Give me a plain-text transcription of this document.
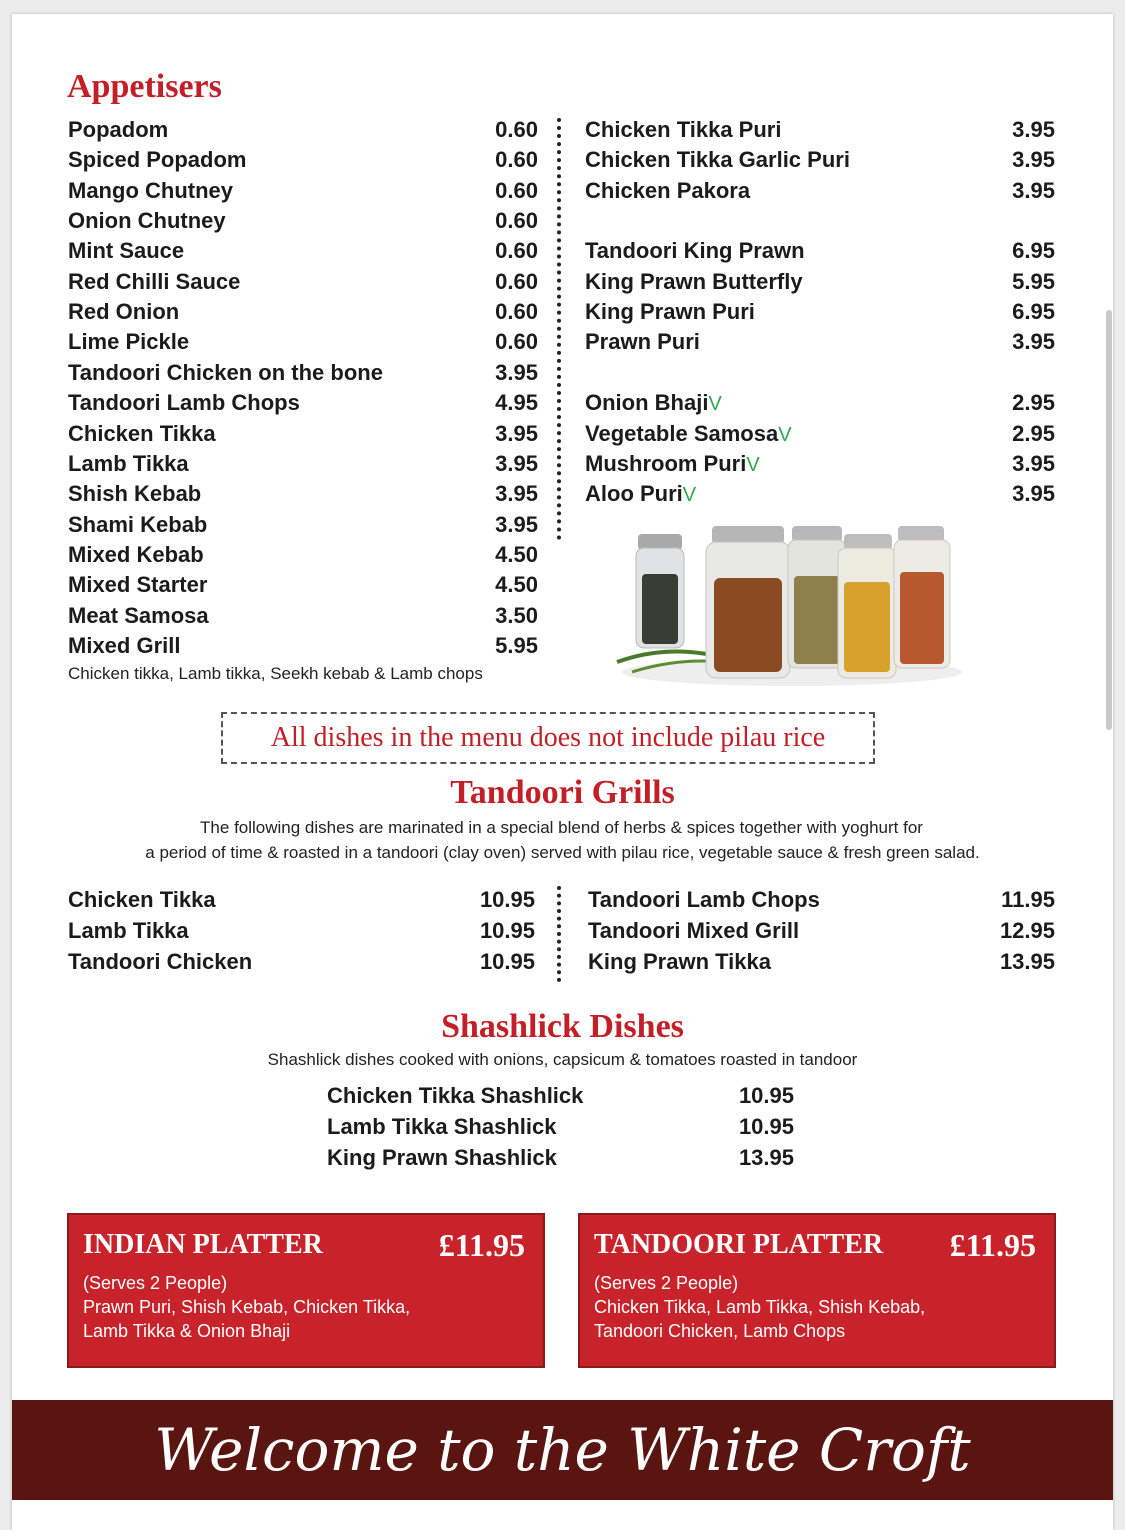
Appetisers
Popadom	0.60
Spiced Popadom	0.60
Mango Chutney	0.60
Onion Chutney	0.60
Mint Sauce	0.60
Red Chilli Sauce	0.60
Red Onion	0.60
Lime Pickle	0.60
Tandoori Chicken on the bone	3.95
Tandoori Lamb Chops	4.95
Chicken Tikka	3.95
Lamb Tikka	3.95
Shish Kebab	3.95
Shami Kebab	3.95
Mixed Kebab	4.50
Mixed Starter	4.50
Meat Samosa	3.50
Mixed Grill	5.95
Chicken Tikka Puri	3.95
Chicken Tikka Garlic Puri	3.95
Chicken Pakora	3.95
Tandoori King Prawn	6.95
King Prawn Butterfly	5.95
King Prawn Puri	6.95
Prawn Puri	3.95
Onion BhajiV	2.95
Vegetable SamosaV	2.95
Mushroom PuriV	3.95
Aloo PuriV	3.95
Chicken tikka, Lamb tikka, Seekh kebab & Lamb chops
All dishes in the menu does not include pilau rice
Tandoori Grills
The following dishes are marinated in a special blend of herbs & spices together with yoghurt for
a period of time & roasted in a tandoori (clay oven) served with pilau rice, vegetable sauce & fresh green salad.
Chicken Tikka	10.95
Lamb Tikka	10.95
Tandoori Chicken	10.95
Tandoori Lamb Chops	11.95
Tandoori Mixed Grill	12.95
King Prawn Tikka	13.95
Shashlick Dishes
Shashlick dishes cooked with onions, capsicum & tomatoes roasted in tandoor
Chicken Tikka Shashlick	10.95
Lamb Tikka Shashlick	10.95
King Prawn Shashlick	13.95
INDIAN PLATTER	£11.95
(Serves 2 People)
Prawn Puri, Shish Kebab, Chicken Tikka,
Lamb Tikka & Onion Bhaji
TANDOORI PLATTER £11.95
(Serves 2 People)
Chicken Tikka, Lamb Tikka, Shish Kebab,
Tandoori Chicken, Lamb Chops
Welcome to the White Croft
